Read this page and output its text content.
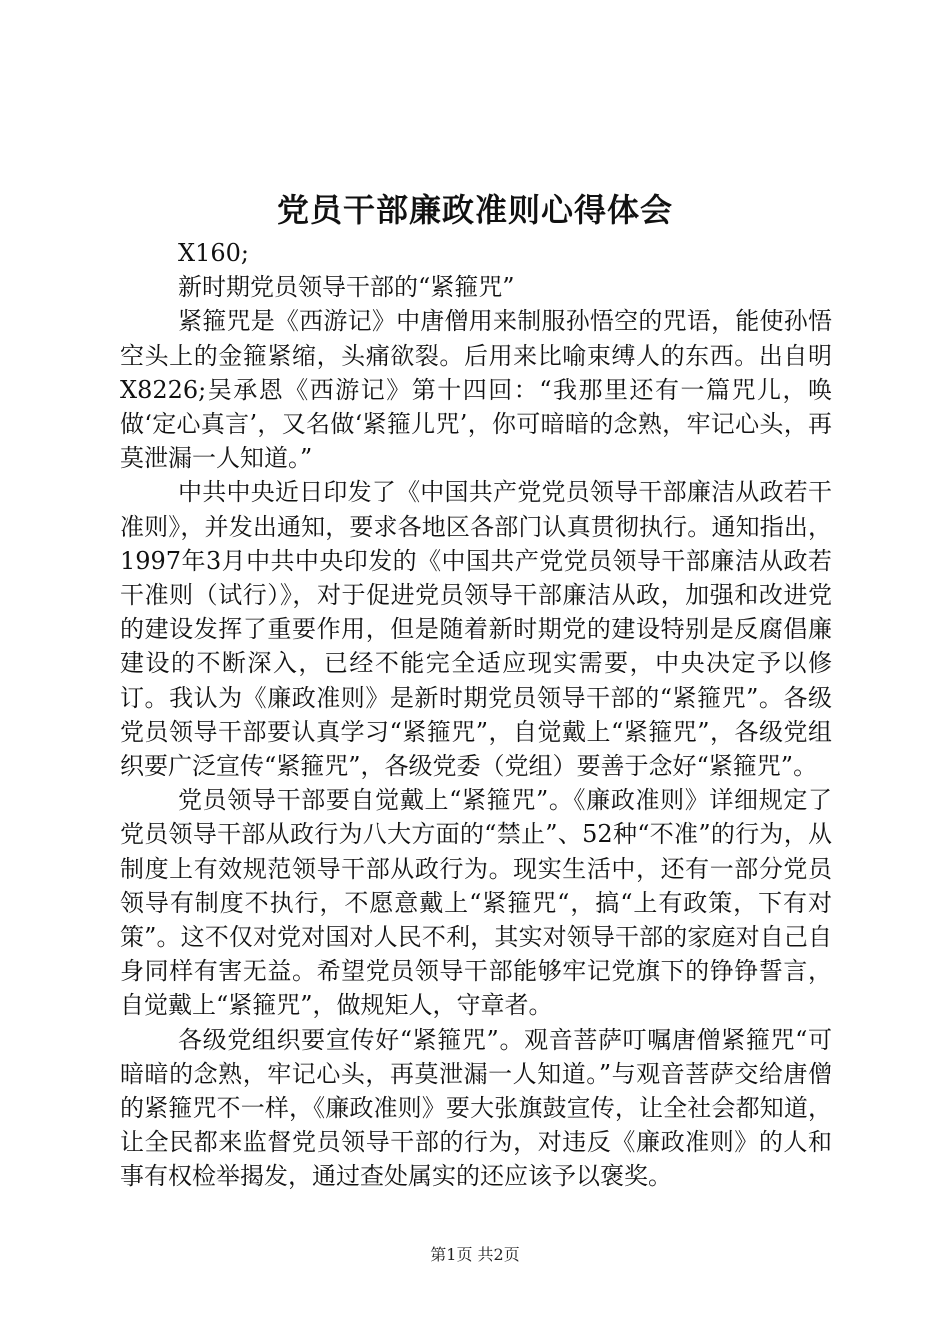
党员干部廉政准则心得体会

X160;

新时期党员领导干部的“紧箍咒”

紧箍咒是《西游记》中唐僧用来制服孙悟空的咒语，能使孙悟空头上的金箍紧缩，头痛欲裂。后用来比喻束缚人的东西。出自明X8226;吴承恩《西游记》第十四回：“我那里还有一篇咒儿，唤做‘定心真言’，又名做‘紧箍儿咒’，你可暗暗的念熟，牢记心头，再莫泄漏一人知道。”

中共中央近日印发了《中国共产党党员领导干部廉洁从政若干准则》，并发出通知，要求各地区各部门认真贯彻执行。通知指出，1997年3月中共中央印发的《中国共产党党员领导干部廉洁从政若干准则（试行）》，对于促进党员领导干部廉洁从政，加强和改进党的建设发挥了重要作用，但是随着新时期党的建设特别是反腐倡廉建设的不断深入，已经不能完全适应现实需要，中央决定予以修订。我认为《廉政准则》是新时期党员领导干部的“紧箍咒”。各级党员领导干部要认真学习“紧箍咒”，自觉戴上“紧箍咒”，各级党组织要广泛宣传“紧箍咒”，各级党委（党组）要善于念好“紧箍咒”。

党员领导干部要自觉戴上“紧箍咒”。《廉政准则》详细规定了党员领导干部从政行为八大方面的“禁止”、52种“不准”的行为，从制度上有效规范领导干部从政行为。现实生活中，还有一部分党员领导有制度不执行，不愿意戴上“紧箍咒“，搞“上有政策，下有对策”。这不仅对党对国对人民不利，其实对领导干部的家庭对自己自身同样有害无益。希望党员领导干部能够牢记党旗下的铮铮誓言，自觉戴上“紧箍咒”，做规矩人，守章者。

各级党组织要宣传好“紧箍咒”。观音菩萨叮嘱唐僧紧箍咒“可暗暗的念熟，牢记心头，再莫泄漏一人知道。”与观音菩萨交给唐僧的紧箍咒不一样，《廉政准则》要大张旗鼓宣传，让全社会都知道，让全民都来监督党员领导干部的行为，对违反《廉政准则》的人和事有权检举揭发，通过查处属实的还应该予以褒奖。

第1页 共2页
